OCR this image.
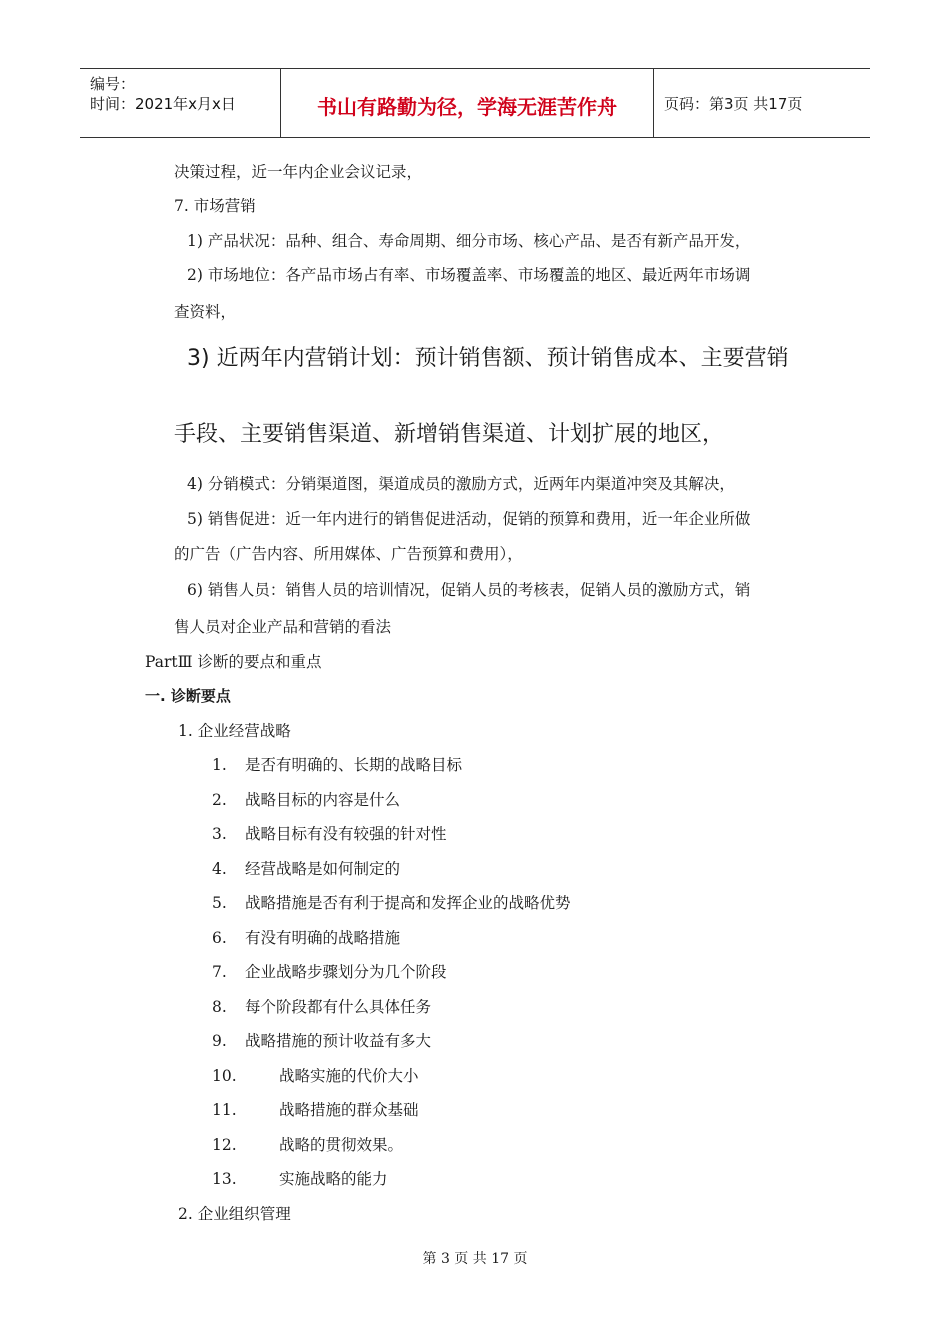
编号：
时间：2021年x月x日	书山有路勤为径，学海无涯苦作舟	页码：第3页 共17页
决策过程，近一年内企业会议记录，
7. 市场营销
1) 产品状况：品种、组合、寿命周期、细分市场、核心产品、是否有新产品开发，
2) 市场地位：各产品市场占有率、市场覆盖率、市场覆盖的地区、最近两年市场调
查资料，
3) 近两年内营销计划：预计销售额、预计销售成本、主要营销
手段、主要销售渠道、新增销售渠道、计划扩展的地区，
4) 分销模式：分销渠道图，渠道成员的激励方式，近两年内渠道冲突及其解决，
5) 销售促进：近一年内进行的销售促进活动，促销的预算和费用，近一年企业所做
的广告（广告内容、所用媒体、广告预算和费用），
6) 销售人员：销售人员的培训情况，促销人员的考核表，促销人员的激励方式，销
售人员对企业产品和营销的看法
PartⅢ 诊断的要点和重点
一. 诊断要点
1. 企业经营战略
1. 是否有明确的、长期的战略目标
2. 战略目标的内容是什么
3. 战略目标有没有较强的针对性
4. 经营战略是如何制定的
5. 战略措施是否有利于提高和发挥企业的战略优势
6. 有没有明确的战略措施
7. 企业战略步骤划分为几个阶段
8. 每个阶段都有什么具体任务
9. 战略措施的预计收益有多大
10.	战略实施的代价大小
11.	战略措施的群众基础
12.	战略的贯彻效果。
13.	实施战略的能力
2. 企业组织管理
第 3 页 共 17 页
